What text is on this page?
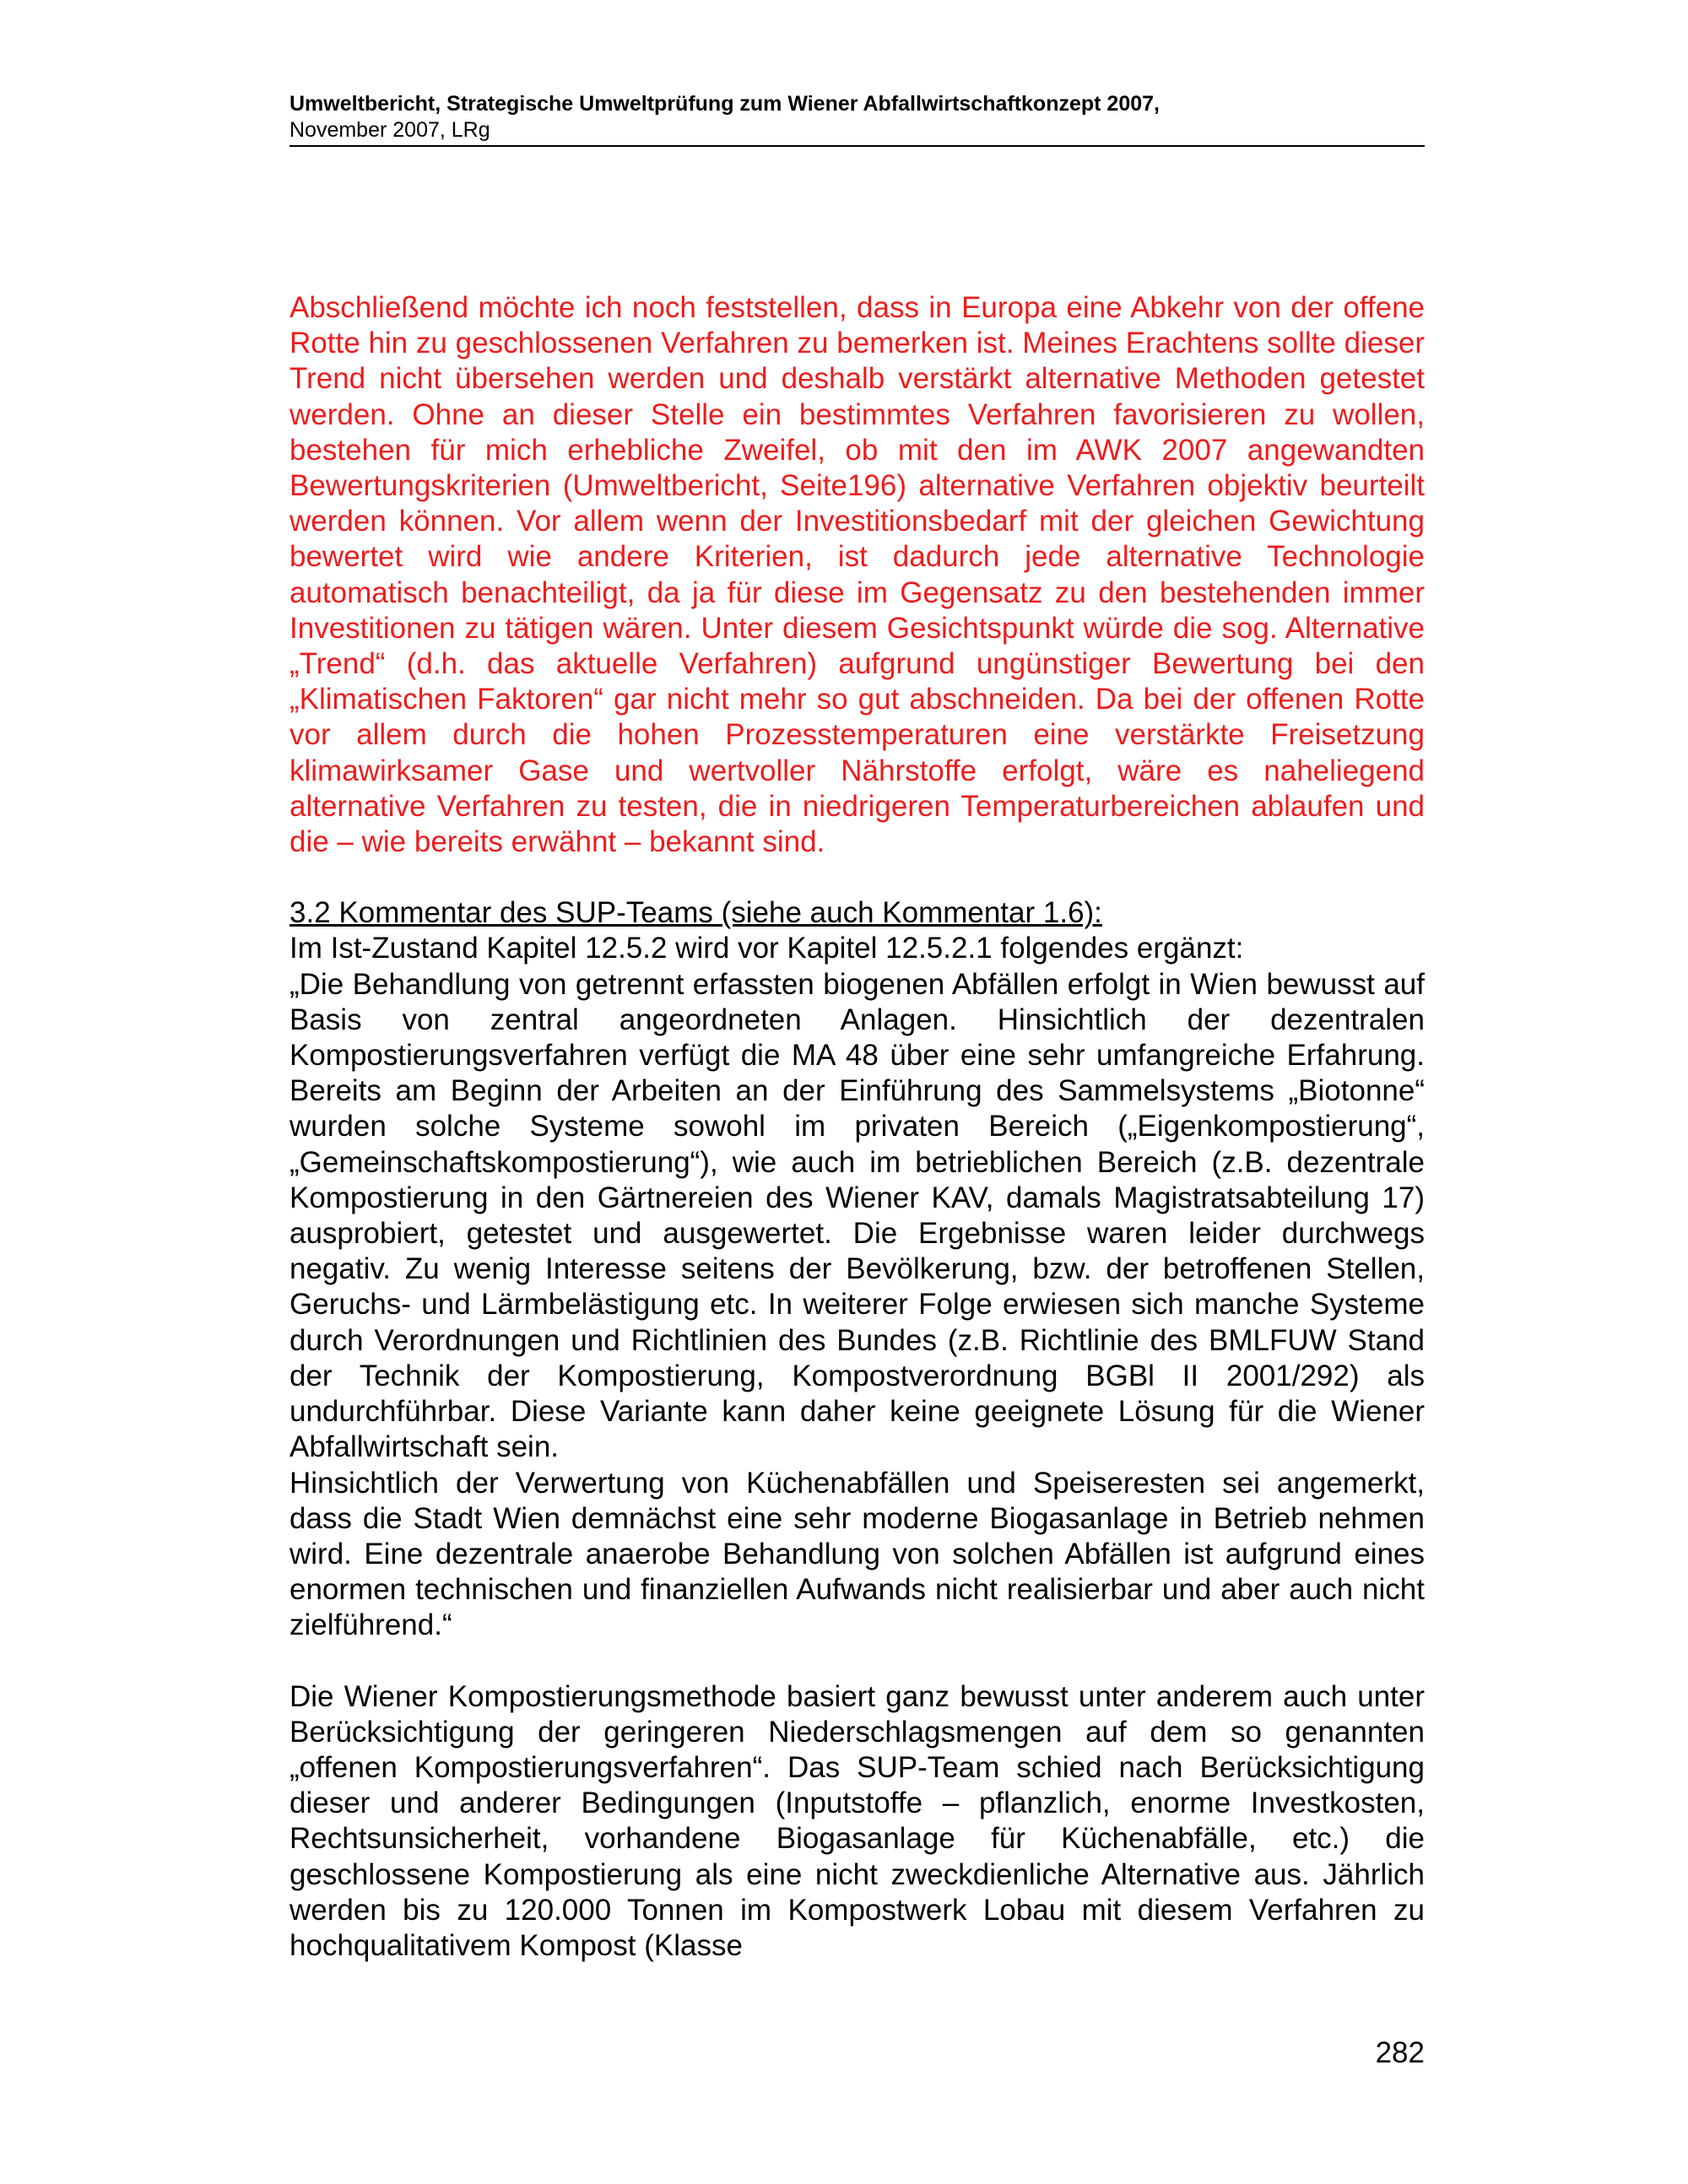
Umweltbericht, Strategische Umweltprüfung zum Wiener Abfallwirtschaftkonzept 2007,
November 2007, LRg

Abschließend möchte ich noch feststellen, dass in Europa eine Abkehr von der offene Rotte hin zu geschlossenen Verfahren zu bemerken ist. Meines Erachtens sollte dieser Trend nicht übersehen werden und deshalb verstärkt alternative Methoden getestet werden. Ohne an dieser Stelle ein bestimmtes Verfahren favorisieren zu wollen, bestehen für mich erhebliche Zweifel, ob mit den im AWK 2007 angewandten Bewertungskriterien (Umweltbericht, Seite196) alternative Verfahren objektiv beurteilt werden können. Vor allem wenn der Investitionsbedarf mit der gleichen Gewichtung bewertet wird wie andere Kriterien, ist dadurch jede alternative Technologie automatisch benachteiligt, da ja für diese im Gegensatz zu den bestehenden immer Investitionen zu tätigen wären. Unter diesem Gesichtspunkt würde die sog. Alternative „Trend“ (d.h. das aktuelle Verfahren) aufgrund ungünstiger Bewertung bei den „Klimatischen Faktoren“ gar nicht mehr so gut abschneiden. Da bei der offenen Rotte vor allem durch die hohen Prozesstemperaturen eine verstärkte Freisetzung klimawirksamer Gase und wertvoller Nährstoffe erfolgt, wäre es naheliegend alternative Verfahren zu testen, die in niedrigeren Temperaturbereichen ablaufen und die – wie bereits erwähnt – bekannt sind.

3.2 Kommentar des SUP-Teams (siehe auch Kommentar 1.6):

Im Ist-Zustand Kapitel 12.5.2 wird vor Kapitel 12.5.2.1 folgendes ergänzt:

„Die Behandlung von getrennt erfassten biogenen Abfällen erfolgt in Wien bewusst auf Basis von zentral angeordneten Anlagen. Hinsichtlich der dezentralen Kompostierungsverfahren verfügt die MA 48 über eine sehr umfangreiche Erfahrung. Bereits am Beginn der Arbeiten an der Einführung des Sammelsystems „Biotonne“ wurden solche Systeme sowohl im privaten Bereich („Eigenkompostierung“, „Gemeinschaftskompostierung“), wie auch im betrieblichen Bereich (z.B. dezentrale Kompostierung in den Gärtnereien des Wiener KAV, damals Magistratsabteilung 17) ausprobiert, getestet und ausgewertet. Die Ergebnisse waren leider durchwegs negativ. Zu wenig Interesse seitens der Bevölkerung, bzw. der betroffenen Stellen, Geruchs- und Lärmbelästigung etc. In weiterer Folge erwiesen sich manche Systeme durch Verordnungen und Richtlinien des Bundes (z.B. Richtlinie des BMLFUW Stand der Technik der Kompostierung, Kompostverordnung BGBl II 2001/292) als undurchführbar. Diese Variante kann daher keine geeignete Lösung für die Wiener Abfallwirtschaft sein.

Hinsichtlich der Verwertung von Küchenabfällen und Speiseresten sei angemerkt, dass die Stadt Wien demnächst eine sehr moderne Biogasanlage in Betrieb nehmen wird. Eine dezentrale anaerobe Behandlung von solchen Abfällen ist aufgrund eines enormen technischen und finanziellen Aufwands nicht realisierbar und aber auch nicht zielführend.“

Die Wiener Kompostierungsmethode basiert ganz bewusst unter anderem auch unter Berücksichtigung der geringeren Niederschlagsmengen auf dem so genannten „offenen Kompostierungsverfahren“. Das SUP-Team schied nach Berücksichtigung dieser und anderer Bedingungen (Inputstoffe – pflanzlich, enorme Investkosten, Rechtsunsicherheit, vorhandene Biogasanlage für Küchenabfälle, etc.) die geschlossene Kompostierung als eine nicht zweckdienliche Alternative aus. Jährlich werden bis zu 120.000 Tonnen im Kompostwerk Lobau mit diesem Verfahren zu hochqualitativem Kompost (Klasse

282
